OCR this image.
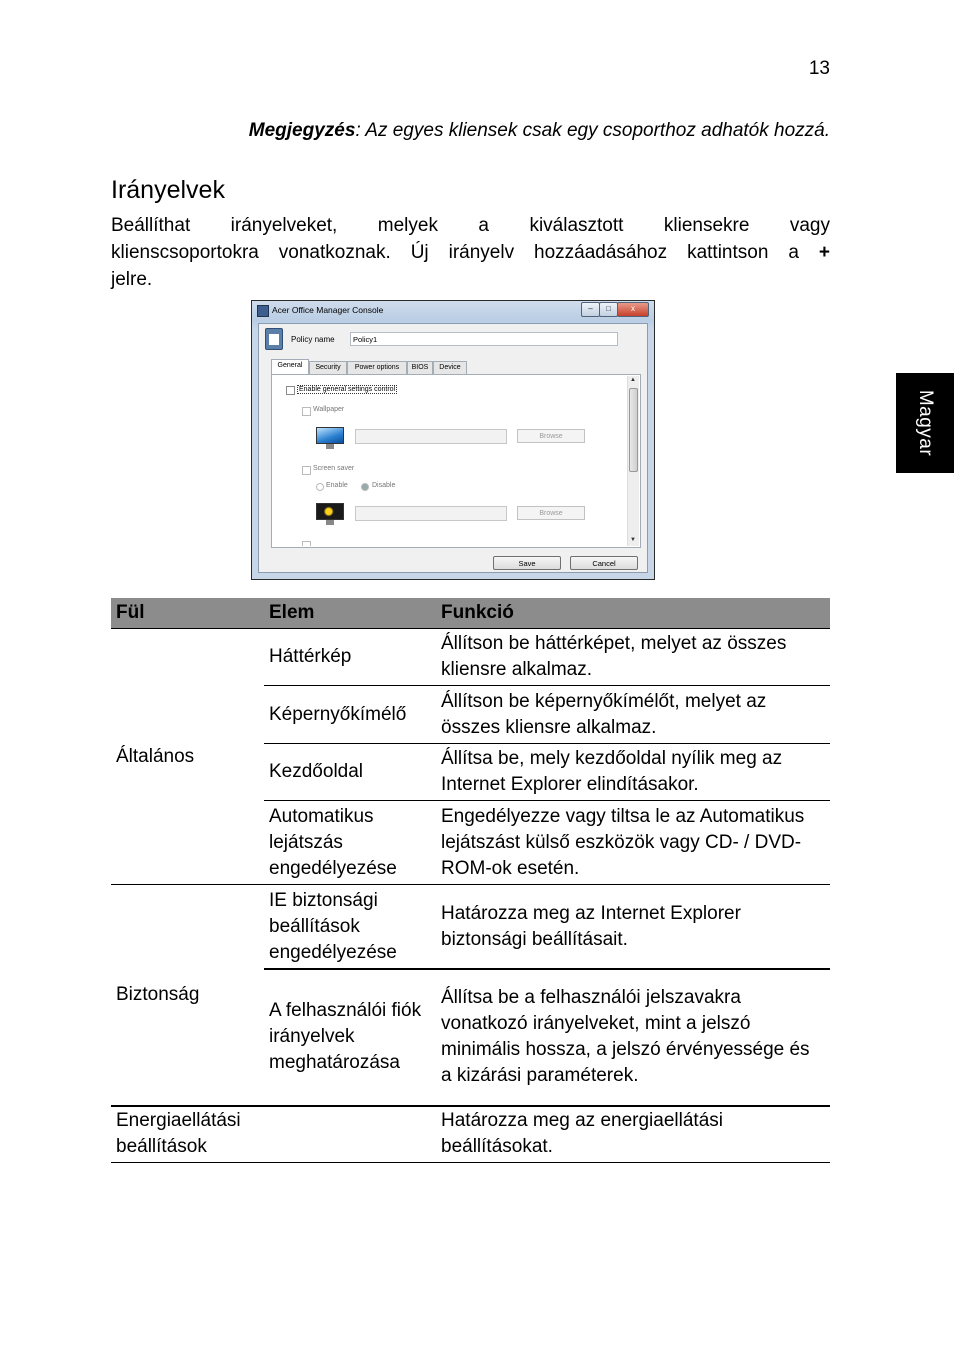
13
Megjegyzés: Az egyes kliensek csak egy csoporthoz adhatók hozzá.
Irányelvek
Beállíthat irányelveket, melyek a kiválasztott kliensekre vagy
klienscsoportokra vonatkoznak. Új irányelv hozzáadásához kattintson a +
jelre.
Magyar
Acer Office Manager Console	–	□	x
Policy name	Policy1
General	Security	Power options	BIOS	Device
Enable general settings control
Wallpaper
Browse
Screen saver
Enable	Disable
Browse
▲
▼
Save	Cancel
Fül	Elem	Funkció
Általános	Háttérkép	Állítson be háttérképet, melyet az összes kliensre alkalmaz.
	Képernyőkímélő	Állítson be képernyőkímélőt, melyet az összes kliensre alkalmaz.
	Kezdőoldal	Állítsa be, mely kezdőoldal nyílik meg az Internet Explorer elindításakor.
	Automatikus lejátszás engedélyezése	Engedélyezze vagy tiltsa le az Automatikus lejátszást külső eszközök vagy CD- / DVD-ROM-ok esetén.
Biztonság	IE biztonsági beállítások engedélyezése	Határozza meg az Internet Explorer biztonsági beállításait.
	A felhasználói fiók irányelvek meghatározása	Állítsa be a felhasználói jelszavakra vonatkozó irányelveket, mint a jelszó minimális hossza, a jelszó érvényessége és a kizárási paraméterek.
Energiaellátási beállítások		Határozza meg az energiaellátási beállításokat.
